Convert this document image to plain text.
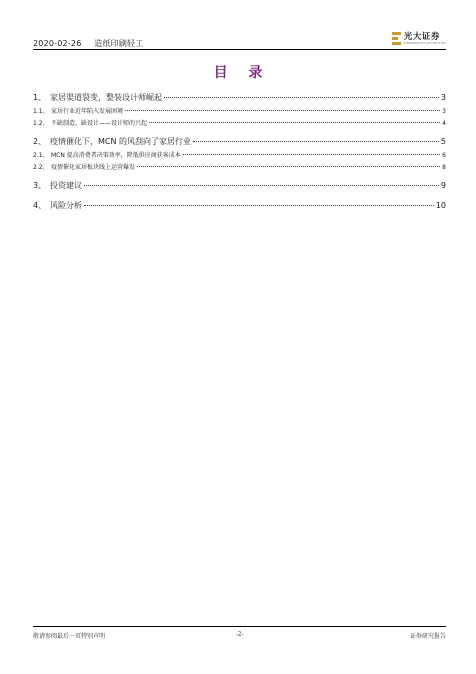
2020-02-26 造纸印刷轻工
光大证券
EVERBRIGHT SECURITIES
目 录
1、 家居渠道裂变，整装设计师崛起	3
1.1、 家居行业近年陷入发展困境	3
1.2、 不缺制造，缺设计——设计师的兴起	4
2、 疫情催化下，MCN 的风刮向了家居行业	5
2.1、 MCN 提高消费者决策效率，降低供应商获客成本	6
2.2、 疫情催化家居板块线上运营爆发	8
3、 投资建议	9
4、 风险分析	10
敬请参阅最后一页特别声明	-2-	证券研究报告
